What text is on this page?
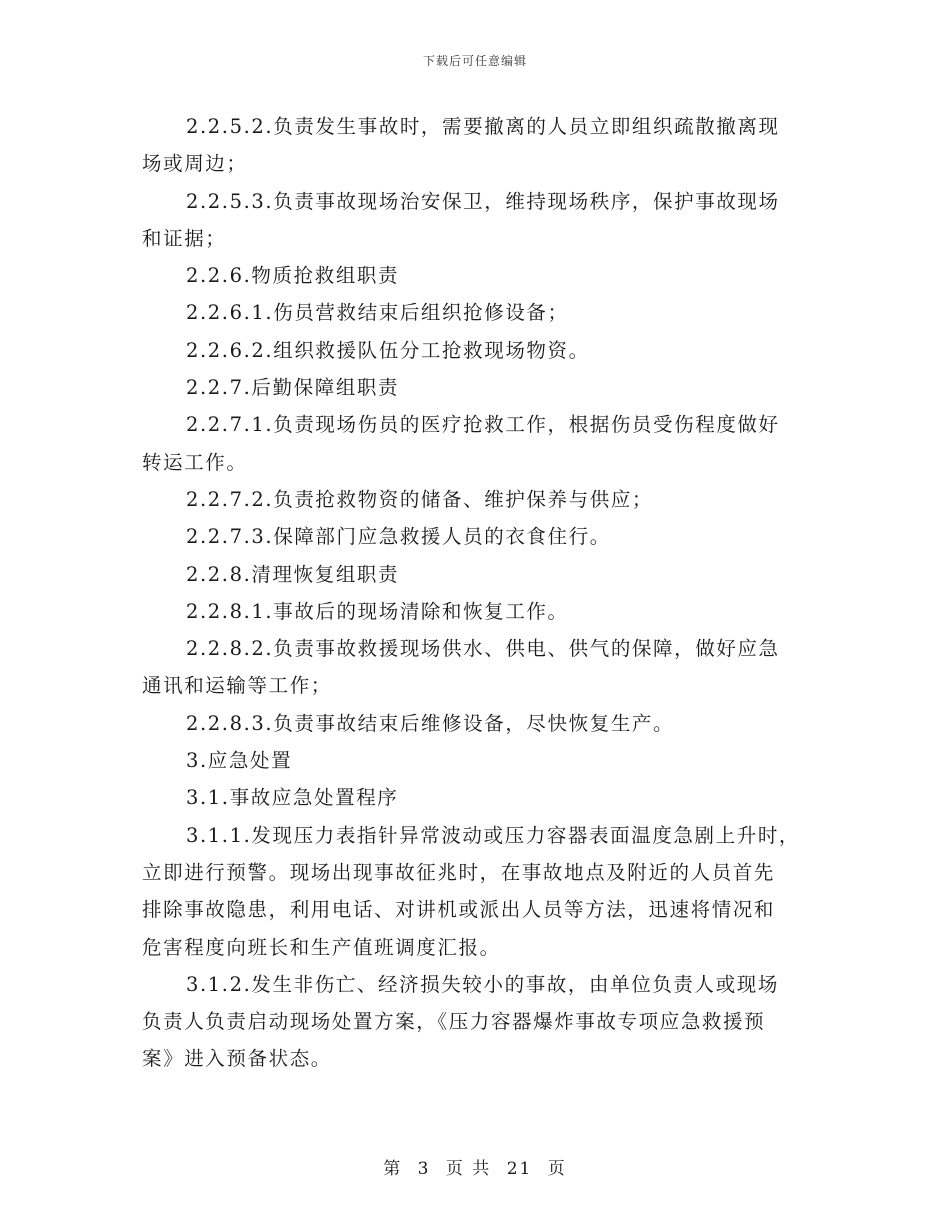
下载后可任意编辑
2.2.5.2.负责发生事故时，需要撤离的人员立即组织疏散撤离现
场或周边；
2.2.5.3.负责事故现场治安保卫，维持现场秩序，保护事故现场
和证据；
2.2.6.物质抢救组职责
2.2.6.1.伤员营救结束后组织抢修设备；
2.2.6.2.组织救援队伍分工抢救现场物资。
2.2.7.后勤保障组职责
2.2.7.1.负责现场伤员的医疗抢救工作，根据伤员受伤程度做好
转运工作。
2.2.7.2.负责抢救物资的储备、维护保养与供应；
2.2.7.3.保障部门应急救援人员的衣食住行。
2.2.8.清理恢复组职责
2.2.8.1.事故后的现场清除和恢复工作。
2.2.8.2.负责事故救援现场供水、供电、供气的保障，做好应急
通讯和运输等工作；
2.2.8.3.负责事故结束后维修设备，尽快恢复生产。
3.应急处置
3.1.事故应急处置程序
3.1.1.发现压力表指针异常波动或压力容器表面温度急剧上升时，
立即进行预警。现场出现事故征兆时，在事故地点及附近的人员首先
排除事故隐患，利用电话、对讲机或派出人员等方法，迅速将情况和
危害程度向班长和生产值班调度汇报。
3.1.2.发生非伤亡、经济损失较小的事故，由单位负责人或现场
负责人负责启动现场处置方案，《压力容器爆炸事故专项应急救援预
案》进入预备状态。
第 3 页 共 21 页
